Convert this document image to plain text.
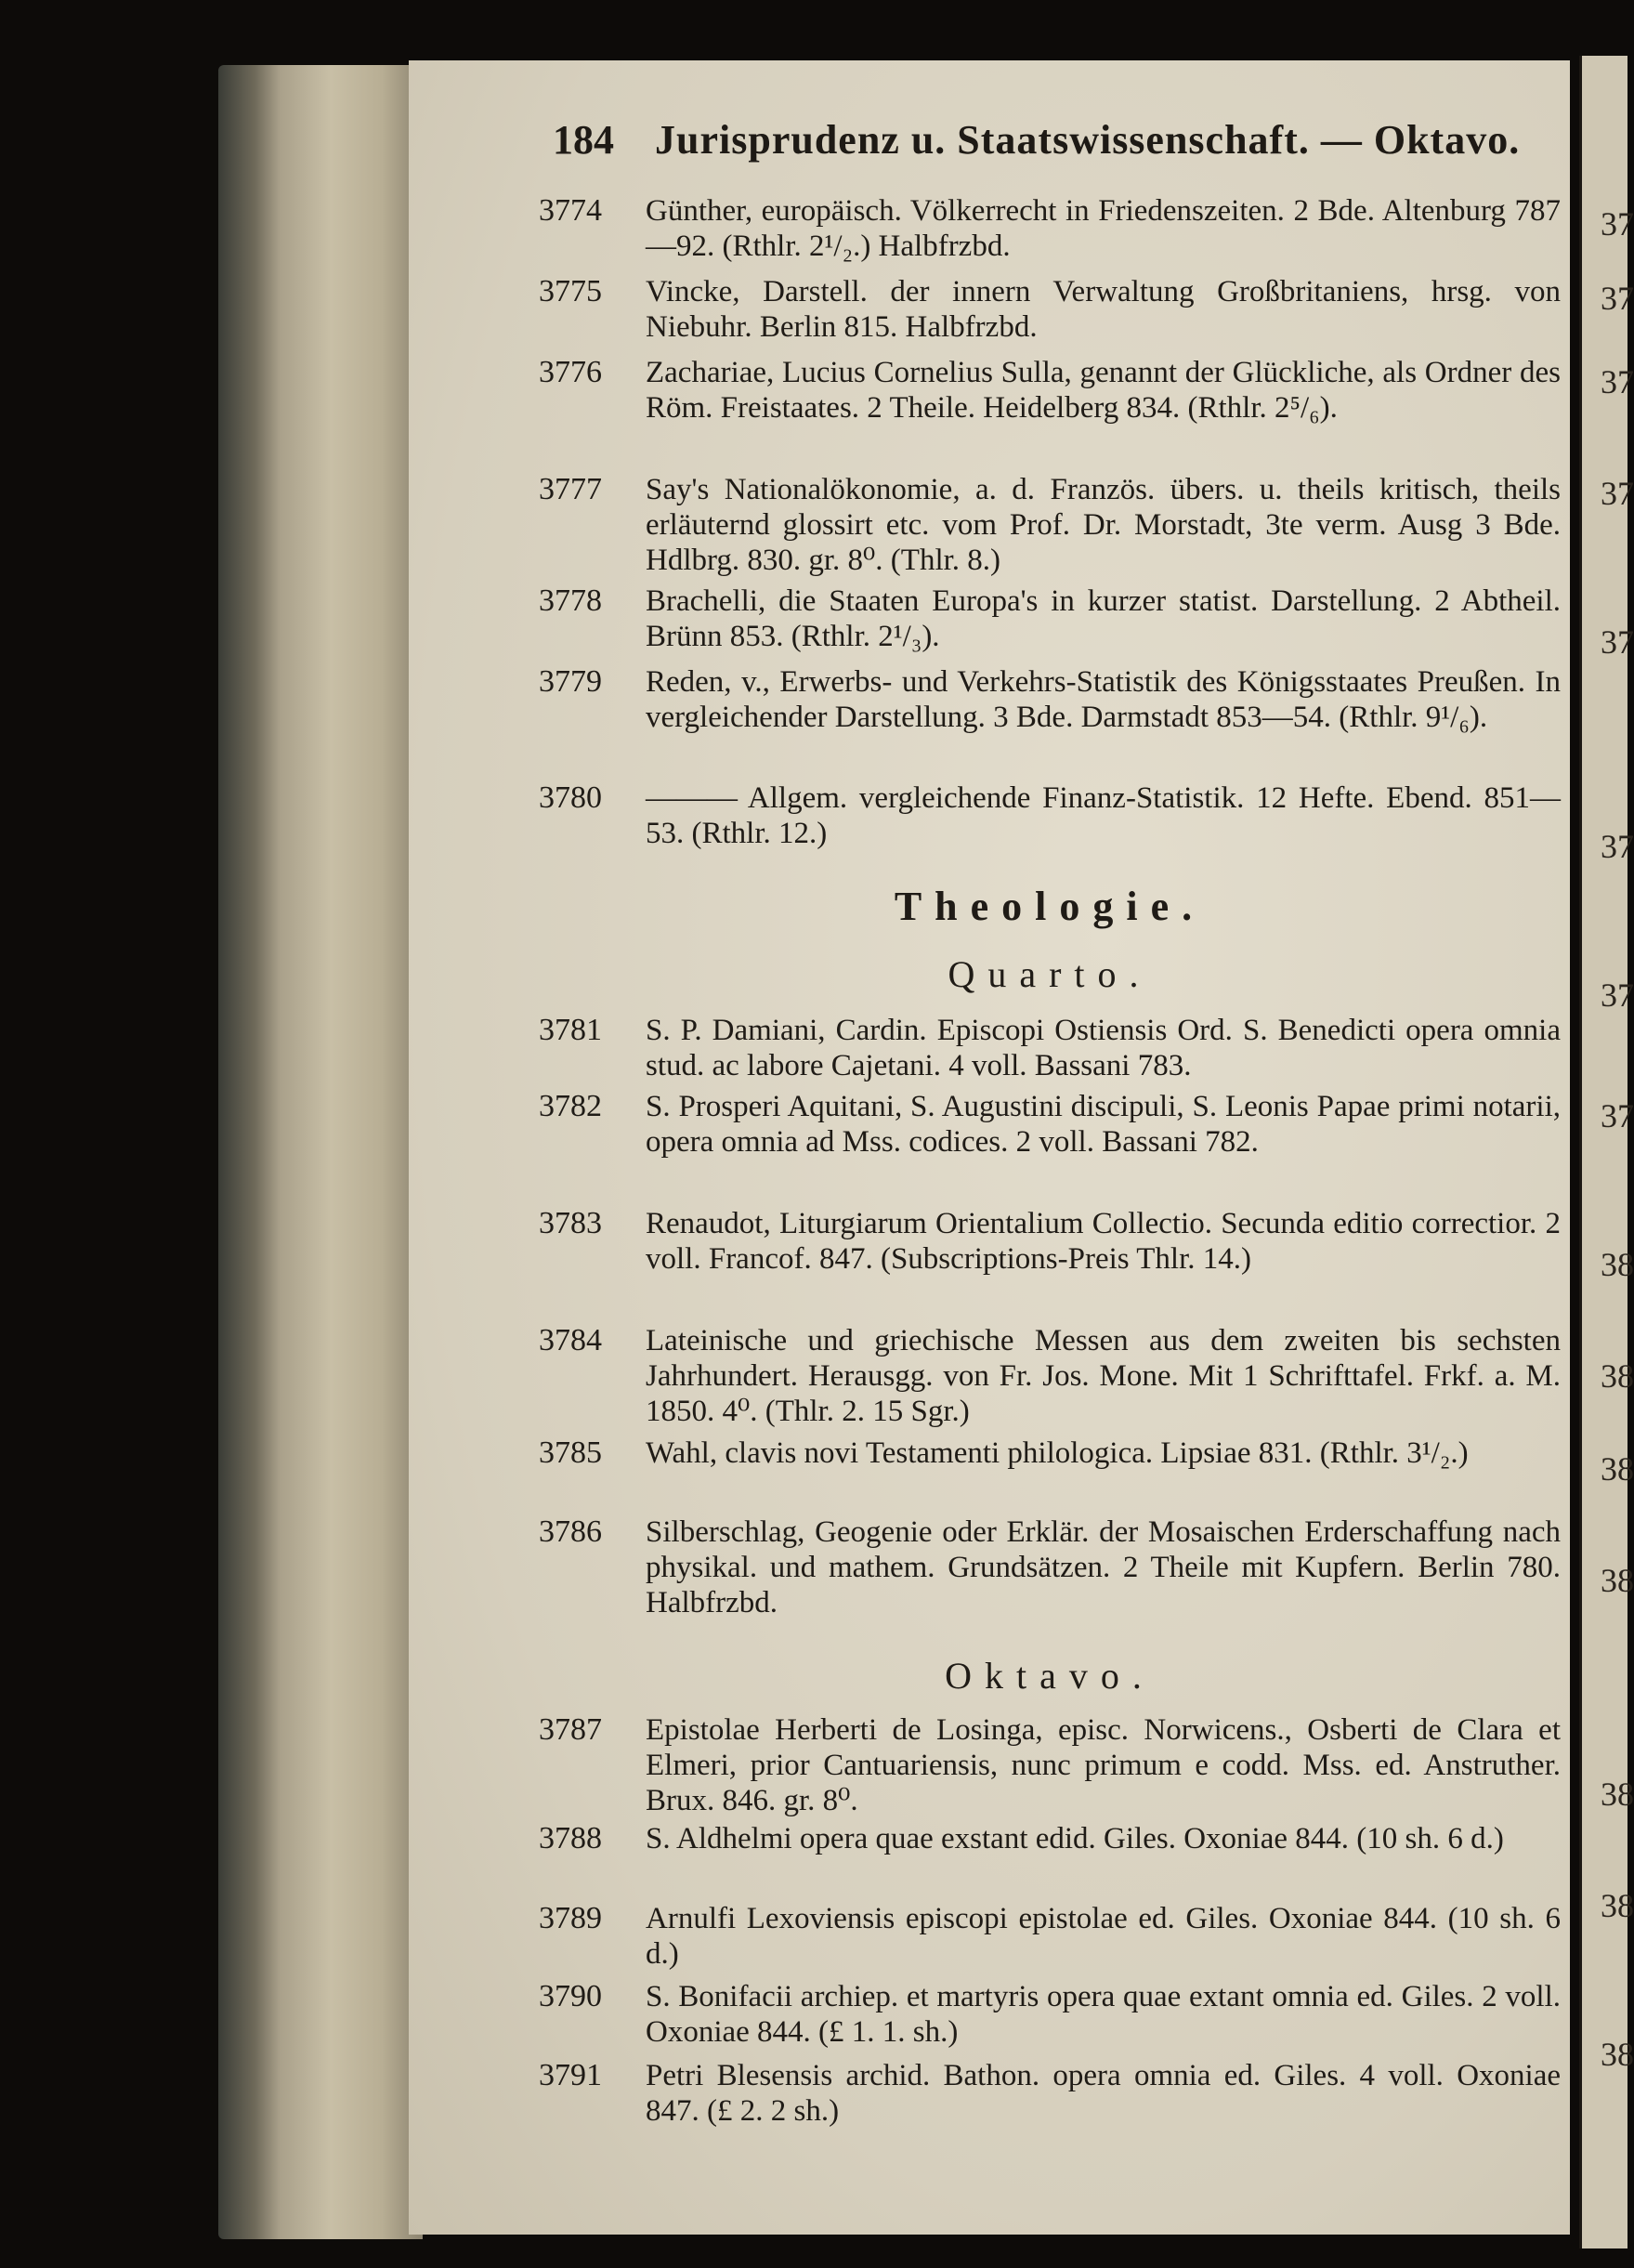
37
37
37
37
37
37
37
37
38
38
38
38
38
38
38
184 Jurisprudenz u. Staatswissenschaft. — Oktavo.
3774 Günther, europäisch. Völkerrecht in Friedenszeiten. 2 Bde. Altenburg 787—92. (Rthlr. 2¹/₂.) Halbfrzbd.
3775 Vincke, Darstell. der innern Verwaltung Großbritaniens, hrsg. von Niebuhr. Berlin 815. Halbfrzbd.
3776 Zachariae, Lucius Cornelius Sulla, genannt der Glückliche, als Ordner des Röm. Freistaates. 2 Theile. Heidelberg 834. (Rthlr. 2⁵/₆).
3777 Say's Nationalökonomie, a. d. Französ. übers. u. theils kritisch, theils erläuternd glossirt etc. vom Prof. Dr. Morstadt, 3te verm. Ausg 3 Bde. Hdlbrg. 830. gr. 8⁰. (Thlr. 8.)
3778 Brachelli, die Staaten Europa's in kurzer statist. Darstellung. 2 Abtheil. Brünn 853. (Rthlr. 2¹/₃).
3779 Reden, v., Erwerbs- und Verkehrs-Statistik des Königsstaates Preußen. In vergleichender Darstellung. 3 Bde. Darmstadt 853—54. (Rthlr. 9¹/₆).
3780 ——— Allgem. vergleichende Finanz-Statistik. 12 Hefte. Ebend. 851—53. (Rthlr. 12.)
Theologie.
Quarto.
3781 S. P. Damiani, Cardin. Episcopi Ostiensis Ord. S. Benedicti opera omnia stud. ac labore Cajetani. 4 voll. Bassani 783.
3782 S. Prosperi Aquitani, S. Augustini discipuli, S. Leonis Papae primi notarii, opera omnia ad Mss. codices. 2 voll. Bassani 782.
3783 Renaudot, Liturgiarum Orientalium Collectio. Secunda editio correctior. 2 voll. Francof. 847. (Subscriptions-Preis Thlr. 14.)
3784 Lateinische und griechische Messen aus dem zweiten bis sechsten Jahrhundert. Herausgg. von Fr. Jos. Mone. Mit 1 Schrifttafel. Frkf. a. M. 1850. 4⁰. (Thlr. 2. 15 Sgr.)
3785 Wahl, clavis novi Testamenti philologica. Lipsiae 831. (Rthlr. 3¹/₂.)
3786 Silberschlag, Geogenie oder Erklär. der Mosaischen Erderschaffung nach physikal. und mathem. Grundsätzen. 2 Theile mit Kupfern. Berlin 780. Halbfrzbd.
Oktavo.
3787 Epistolae Herberti de Losinga, episc. Norwicens., Osberti de Clara et Elmeri, prior Cantuariensis, nunc primum e codd. Mss. ed. Anstruther. Brux. 846. gr. 8⁰.
3788 S. Aldhelmi opera quae exstant edid. Giles. Oxoniae 844. (10 sh. 6 d.)
3789 Arnulfi Lexoviensis episcopi epistolae ed. Giles. Oxoniae 844. (10 sh. 6 d.)
3790 S. Bonifacii archiep. et martyris opera quae extant omnia ed. Giles. 2 voll. Oxoniae 844. (£ 1. 1. sh.)
3791 Petri Blesensis archid. Bathon. opera omnia ed. Giles. 4 voll. Oxoniae 847. (£ 2. 2 sh.)
